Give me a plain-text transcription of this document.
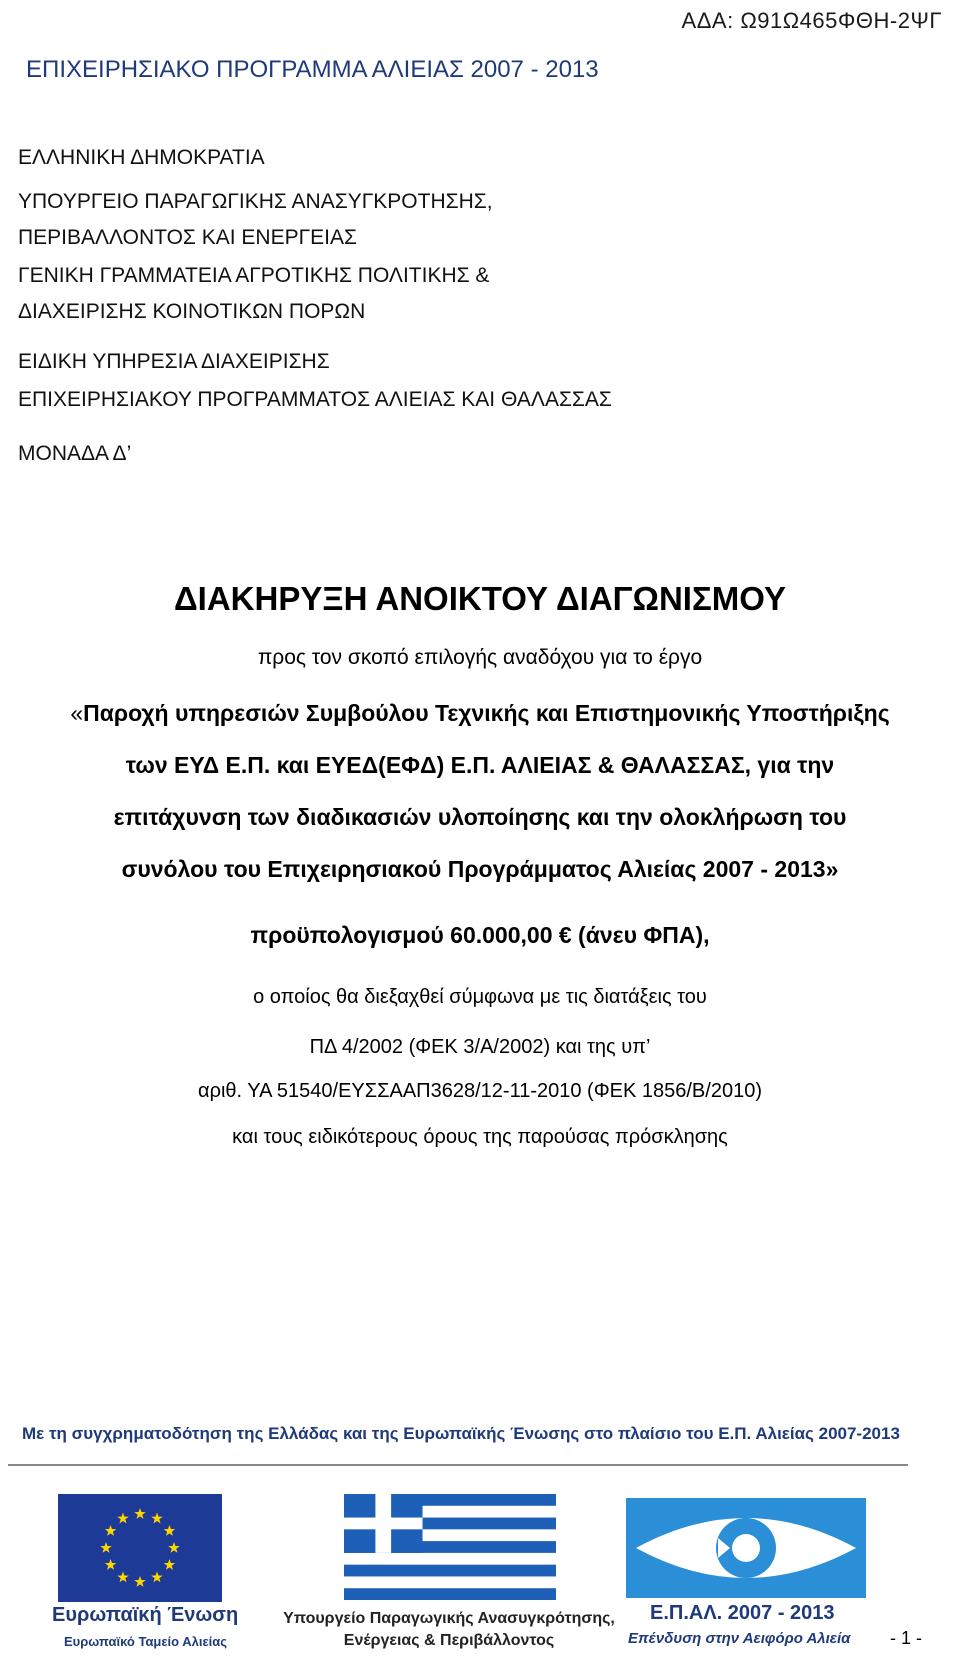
ΑΔΑ: Ω91Ω465ΦΘΗ-2ΨΓ
ΕΠΙΧΕΙΡΗΣΙΑΚΟ ΠΡΟΓΡΑΜΜΑ ΑΛΙΕΙΑΣ 2007 - 2013
ΕΛΛΗΝΙΚΗ ΔΗΜΟΚΡΑΤΙΑ
ΥΠΟΥΡΓΕΙΟ ΠΑΡΑΓΩΓΙΚΗΣ ΑΝΑΣΥΓΚΡΟΤΗΣΗΣ,
ΠΕΡΙΒΑΛΛΟΝΤΟΣ ΚΑΙ ΕΝΕΡΓΕΙΑΣ
ΓΕΝΙΚΗ ΓΡΑΜΜΑΤΕΙΑ ΑΓΡΟΤΙΚΗΣ ΠΟΛΙΤΙΚΗΣ &
ΔΙΑΧΕΙΡΙΣΗΣ ΚΟΙΝΟΤΙΚΩΝ ΠΟΡΩΝ
ΕΙΔΙΚΗ ΥΠΗΡΕΣΙΑ ΔΙΑΧΕΙΡΙΣΗΣ
ΕΠΙΧΕΙΡΗΣΙΑΚΟΥ ΠΡΟΓΡΑΜΜΑΤΟΣ ΑΛΙΕΙΑΣ ΚΑΙ ΘΑΛΑΣΣΑΣ
ΜΟΝΑΔΑ Δ’
ΔΙΑΚΗΡΥΞΗ ΑΝΟΙΚΤΟΥ ΔΙΑΓΩΝΙΣΜΟΥ
προς τον σκοπό επιλογής αναδόχου για το έργο
«Παροχή υπηρεσιών Συμβούλου Τεχνικής και Επιστημονικής Υποστήριξης
των ΕΥΔ Ε.Π. και ΕΥΕΔ(ΕΦΔ) Ε.Π. ΑΛΙΕΙΑΣ & ΘΑΛΑΣΣΑΣ, για την
επιτάχυνση των διαδικασιών υλοποίησης και την ολοκλήρωση του
συνόλου του Επιχειρησιακού Προγράμματος Αλιείας 2007 - 2013»
προϋπολογισμού 60.000,00 € (άνευ ΦΠΑ),
ο οποίος θα διεξαχθεί σύμφωνα με τις διατάξεις του
ΠΔ 4/2002 (ΦΕΚ 3/Α/2002) και της υπ’
αριθ. ΥΑ 51540/ΕΥΣΣΑΑΠ3628/12-11-2010 (ΦΕΚ 1856/Β/2010)
και τους ειδικότερους όρους της παρούσας πρόσκλησης
Με τη συγχρηματοδότηση της Ελλάδας και της Ευρωπαϊκής Ένωσης στο πλαίσιο του Ε.Π. Αλιείας 2007-2013
Ευρωπαϊκή Ένωση
Ευρωπαϊκό Ταμείο Αλιείας
Υπουργείο Παραγωγικής Ανασυγκρότησης,
Ενέργειας & Περιβάλλοντος
Ε.Π.ΑΛ. 2007 - 2013
Επένδυση στην Αειφόρο Αλιεία - 1 -
